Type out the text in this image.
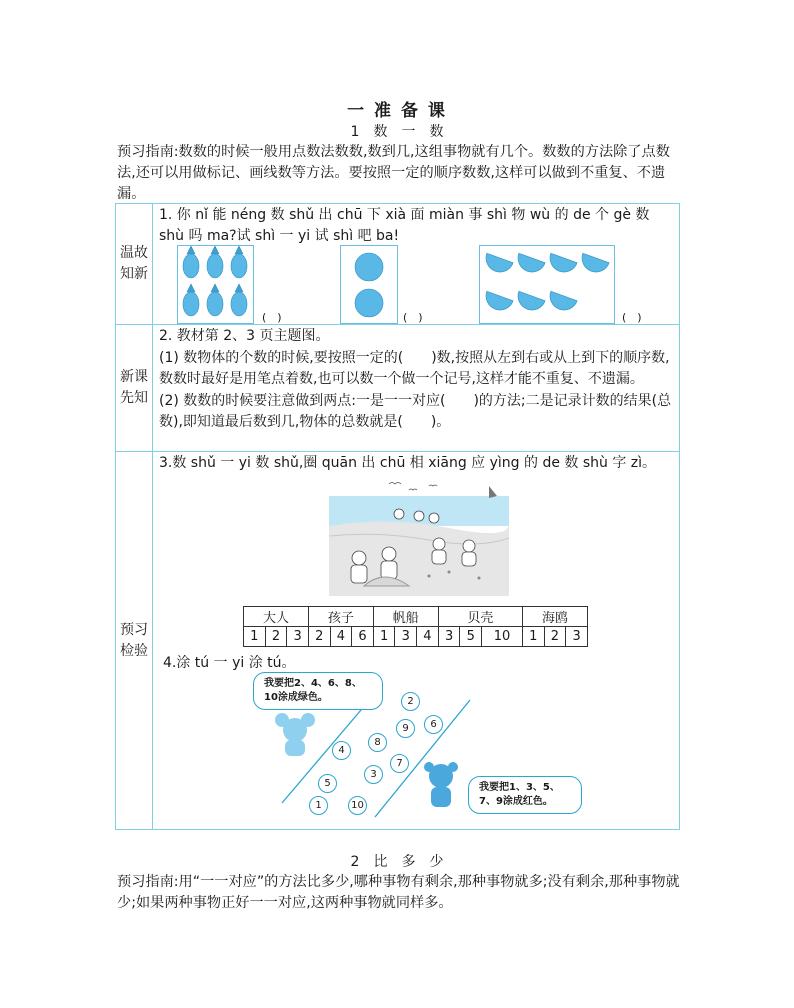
一 准 备 课
1　数　一　数
预习指南:数数的时候一般用点数法数数,数到几,这组事物就有几个。数数的方法除了点数法,还可以用做标记、画线数等方法。要按照一定的顺序数数,这样可以做到不重复、不遗漏。
温故知新	1. 你 nǐ 能 néng 数 shǔ 出 chū 下 xià 面 miàn 事 shì 物 wù 的 de 个 gè 数 shù 吗 ma?试 shì 一 yi 试 shì 吧 ba!

新课先知	2. 教材第 2、3 页主题图。
(1) 数物体的个数的时候,要按照一定的(　　)数,按照从左到右或从上到下的顺序数,数数时最好是用笔点着数,也可以数一个做一个记号,这样才能不重复、不遗漏。
(2) 数数的时候要注意做到两点:一是一一对应(　　)的方法;二是记录计数的结果(总数),即知道最后数到几,物体的总数就是(　　)。

预习检验	3.数 shǔ 一 yi 数 shǔ,圈 quān 出 chū 相 xiāng 应 yìng 的 de 数 shù 字 zì。
(　)	(　)	(　)
大人			孩子			帆船			贝壳			海鸥		
1	2	3	2	4	6	1	3	4	3	5	10	1	2	3
4.涂 tú 一 yi 涂 tú。
我要把2、4、6、8、10涂成绿色。
我要把1、3、5、7、9涂成红色。
2
9	6
8
4
7
3
5
1	10
2　比　多　少
预习指南:用“一一对应”的方法比多少,哪种事物有剩余,那种事物就多;没有剩余,那种事物就少;如果两种事物正好一一对应,这两种事物就同样多。
